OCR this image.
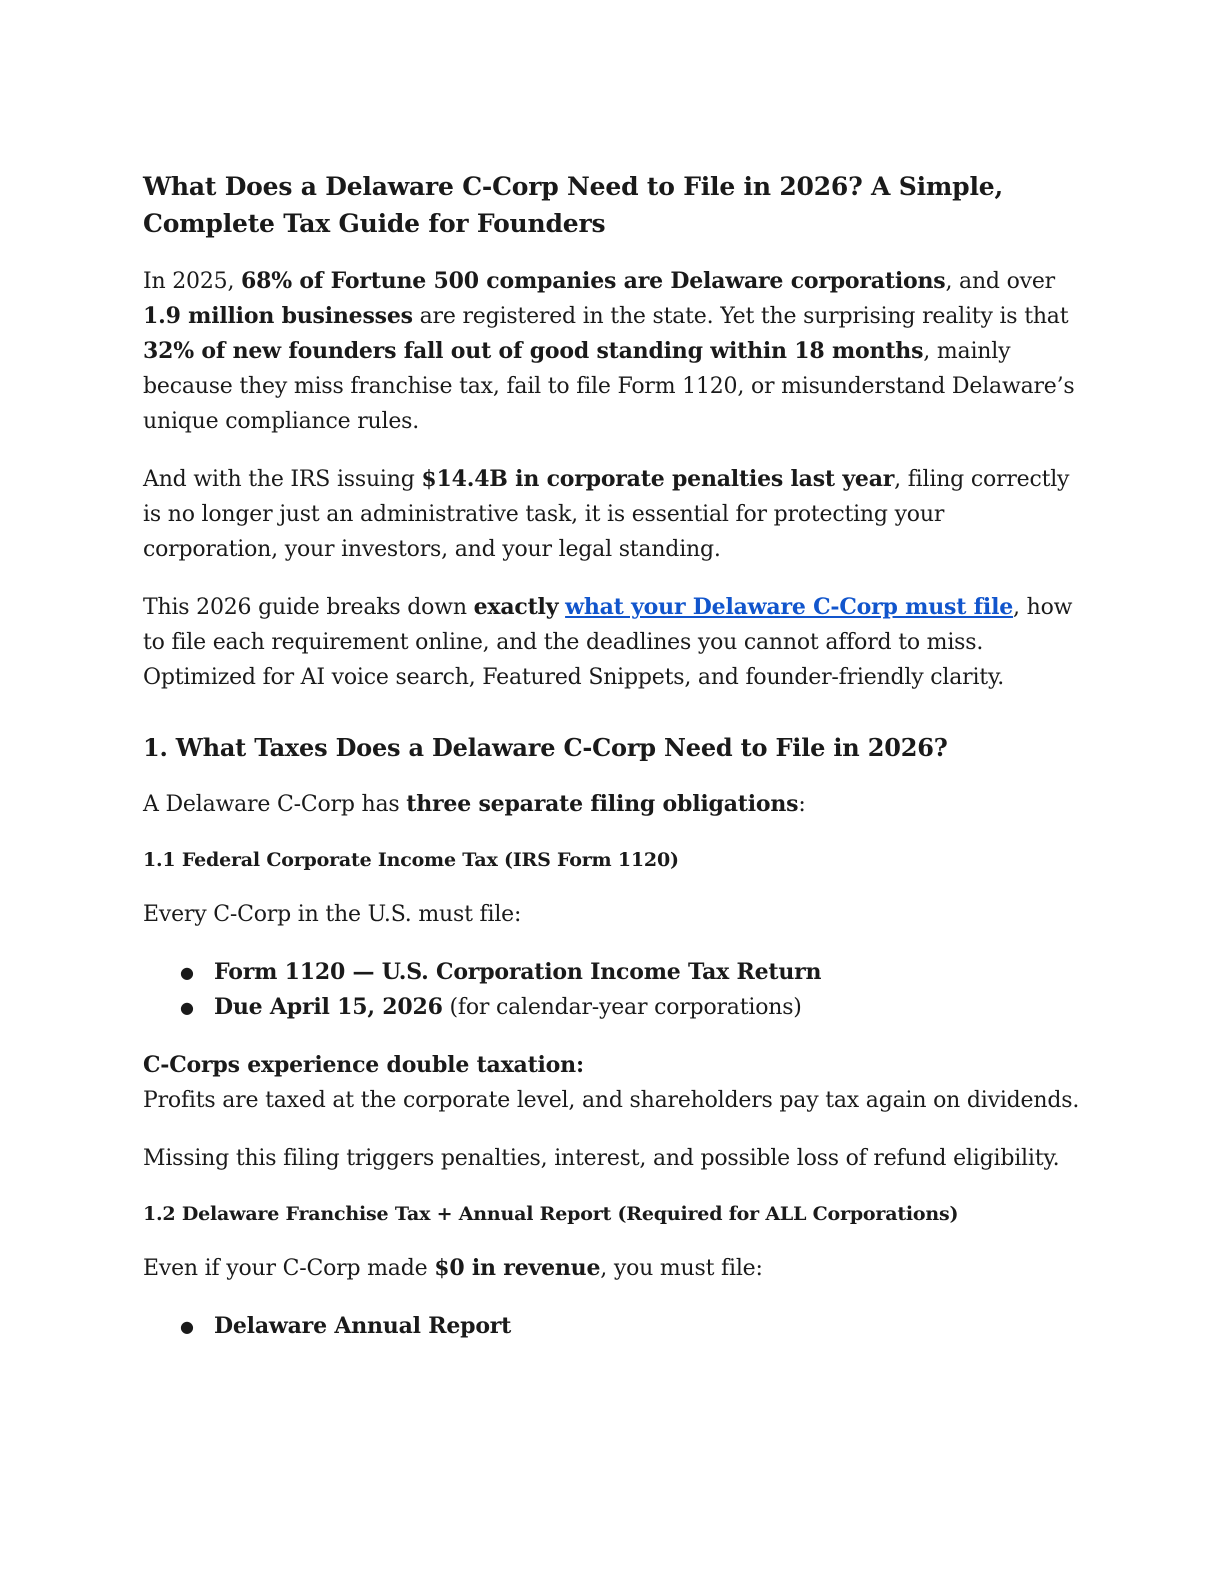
What Does a Delaware C-Corp Need to File in 2026? A Simple, Complete Tax Guide for Founders

In 2025, 68% of Fortune 500 companies are Delaware corporations, and over 1.9 million businesses are registered in the state. Yet the surprising reality is that 32% of new founders fall out of good standing within 18 months, mainly because they miss franchise tax, fail to file Form 1120, or misunderstand Delaware’s unique compliance rules.

And with the IRS issuing $14.4B in corporate penalties last year, filing correctly is no longer just an administrative task, it is essential for protecting your corporation, your investors, and your legal standing.

This 2026 guide breaks down exactly what your Delaware C-Corp must file, how to file each requirement online, and the deadlines you cannot afford to miss. Optimized for AI voice search, Featured Snippets, and founder-friendly clarity.

1. What Taxes Does a Delaware C-Corp Need to File in 2026?

A Delaware C-Corp has three separate filing obligations:

1.1 Federal Corporate Income Tax (IRS Form 1120)

Every C-Corp in the U.S. must file:

● Form 1120 — U.S. Corporation Income Tax Return
● Due April 15, 2026 (for calendar-year corporations)

C-Corps experience double taxation:
Profits are taxed at the corporate level, and shareholders pay tax again on dividends.

Missing this filing triggers penalties, interest, and possible loss of refund eligibility.

1.2 Delaware Franchise Tax + Annual Report (Required for ALL Corporations)

Even if your C-Corp made $0 in revenue, you must file:

● Delaware Annual Report
